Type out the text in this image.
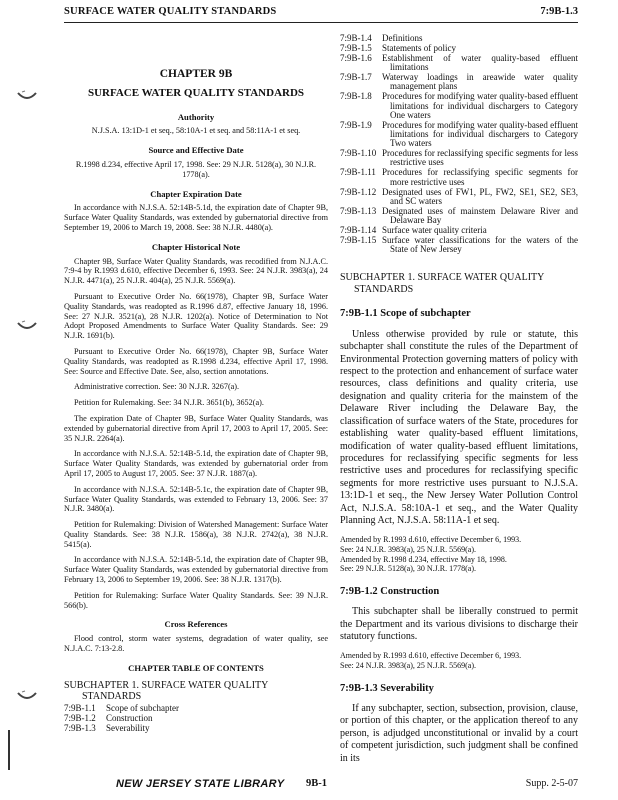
SURFACE WATER QUALITY STANDARDS	7:9B-1.3
CHAPTER 9B
SURFACE WATER QUALITY STANDARDS
Authority
N.J.S.A. 13:1D-1 et seq., 58:10A-1 et seq. and 58:11A-1 et seq.
Source and Effective Date
R.1998 d.234, effective April 17, 1998. See: 29 N.J.R. 5128(a), 30 N.J.R. 1778(a).
Chapter Expiration Date
In accordance with N.J.S.A. 52:14B-5.1d, the expiration date of Chapter 9B, Surface Water Quality Standards, was extended by gubernatorial directive from September 19, 2006 to March 19, 2008. See: 38 N.J.R. 4480(a).
Chapter Historical Note
Chapter 9B, Surface Water Quality Standards, was recodified from N.J.A.C. 7:9-4 by R.1993 d.610, effective December 6, 1993. See: 24 N.J.R. 3983(a), 24 N.J.R. 4471(a), 25 N.J.R. 404(a), 25 N.J.R. 5569(a).
Pursuant to Executive Order No. 66(1978), Chapter 9B, Surface Water Quality Standards, was readopted as R.1996 d.87, effective January 18, 1996. See: 27 N.J.R. 3521(a), 28 N.J.R. 1202(a). Notice of Determination to Not Adopt Proposed Amendments to Surface Water Quality Standards. See: 29 N.J.R. 1691(b).
Pursuant to Executive Order No. 66(1978), Chapter 9B, Surface Water Quality Standards, was readopted as R.1998 d.234, effective April 17, 1998. See: Source and Effective Date. See, also, section annotations.
Administrative correction. See: 30 N.J.R. 3267(a).
Petition for Rulemaking. See: 34 N.J.R. 3651(b), 3652(a).
The expiration Date of Chapter 9B, Surface Water Quality Standards, was extended by gubernatorial directive from April 17, 2003 to April 17, 2005. See: 35 N.J.R. 2264(a).
In accordance with N.J.S.A. 52:14B-5.1d, the expiration date of Chapter 9B, Surface Water Quality Standards, was extended by gubernatorial order from April 17, 2005 to August 17, 2005. See: 37 N.J.R. 1887(a).
In accordance with N.J.S.A. 52:14B-5.1c, the expiration date of Chapter 9B, Surface Water Quality Standards, was extended to February 13, 2006. See: 37 N.J.R. 3480(a).
Petition for Rulemaking: Division of Watershed Management: Surface Water Quality Standards. See: 38 N.J.R. 1586(a), 38 N.J.R. 2742(a), 38 N.J.R. 5415(a).
In accordance with N.J.S.A. 52:14B-5.1d, the expiration date of Chapter 9B, Surface Water Quality Standards, was extended by gubernatorial directive from February 13, 2006 to September 19, 2006. See: 38 N.J.R. 1317(b).
Petition for Rulemaking: Surface Water Quality Standards. See: 39 N.J.R. 566(b).
Cross References
Flood control, storm water systems, degradation of water quality, see N.J.A.C. 7:13-2.8.
CHAPTER TABLE OF CONTENTS
SUBCHAPTER 1. SURFACE WATER QUALITY
STANDARDS
7:9B-1.1	Scope of subchapter
7:9B-1.2	Construction
7:9B-1.3	Severability
7:9B-1.4	Definitions
7:9B-1.5	Statements of policy
7:9B-1.6	Establishment of water quality-based effluent limitations
7:9B-1.7	Waterway loadings in areawide water quality management plans
7:9B-1.8	Procedures for modifying water quality-based effluent limitations for individual dischargers to Category One waters
7:9B-1.9	Procedures for modifying water quality-based effluent limitations for individual dischargers to Category Two waters
7:9B-1.10 Procedures for reclassifying specific segments for less restrictive uses
7:9B-1.11 Procedures for reclassifying specific segments for more restrictive uses
7:9B-1.12 Designated uses of FW1, PL, FW2, SE1, SE2, SE3, and SC waters
7:9B-1.13 Designated uses of mainstem Delaware River and Delaware Bay
7:9B-1.14 Surface water quality criteria
7:9B-1.15 Surface water classifications for the waters of the State of New Jersey
SUBCHAPTER 1. SURFACE WATER QUALITY
STANDARDS
7:9B-1.1 Scope of subchapter
Unless otherwise provided by rule or statute, this subchapter shall constitute the rules of the Department of Environmental Protection governing matters of policy with respect to the protection and enhancement of surface water resources, class definitions and quality criteria, use designation and quality criteria for the mainstem of the Delaware River including the Delaware Bay, the classification of surface waters of the State, procedures for establishing water quality-based effluent limitations, modification of water quality-based effluent limitations, procedures for reclassifying specific segments for less restrictive uses and procedures for reclassifying specific segments for more restrictive uses pursuant to N.J.S.A. 13:1D-1 et seq., the New Jersey Water Pollution Control Act, N.J.S.A. 58:10A-1 et seq., and the Water Quality Planning Act, N.J.S.A. 58:11A-1 et seq.
Amended by R.1993 d.610, effective December 6, 1993.
See: 24 N.J.R. 3983(a), 25 N.J.R. 5569(a).
Amended by R.1998 d.234, effective May 18, 1998.
See: 29 N.J.R. 5128(a), 30 N.J.R. 1778(a).
7:9B-1.2 Construction
This subchapter shall be liberally construed to permit the Department and its various divisions to discharge their statutory functions.
Amended by R.1993 d.610, effective December 6, 1993.
See: 24 N.J.R. 3983(a), 25 N.J.R. 5569(a).
7:9B-1.3 Severability
If any subchapter, section, subsection, provision, clause, or portion of this chapter, or the application thereof to any person, is adjudged unconstitutional or invalid by a court of competent jurisdiction, such judgment shall be confined in its
NEW JERSEY STATE LIBRARY 9B-1	Supp. 2-5-07
